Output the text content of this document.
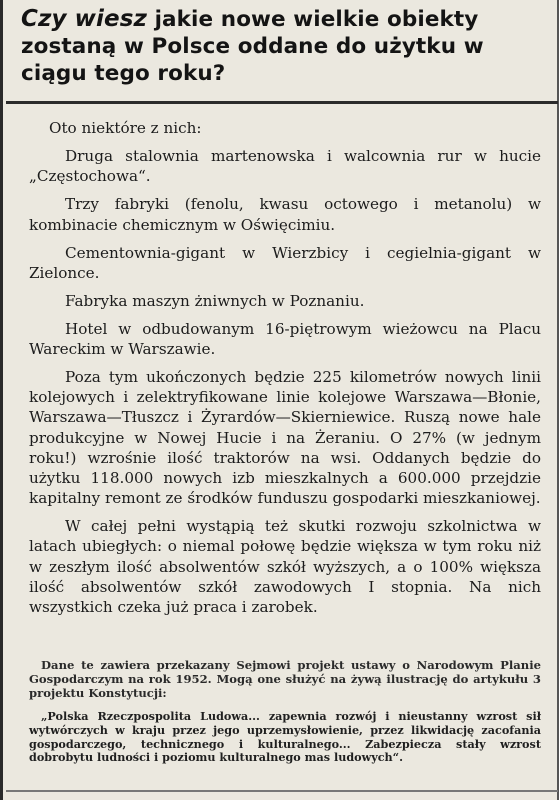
Czy wiesz jakie nowe wielkie obiekty zostaną w Polsce oddane do użytku w ciągu tego roku?

Oto niektóre z nich:

Druga stalownia martenowska i walcownia rur w hucie „Częstochowa“.

Trzy fabryki (fenolu, kwasu octowego i metanolu) w kombinacie chemicznym w Oświęcimiu.

Cementownia-gigant w Wierzbicy i cegielnia-gigant w Zielonce.

Fabryka maszyn żniwnych w Poznaniu.

Hotel w odbudowanym 16-piętrowym wieżowcu na Placu Wareckim w Warszawie.

Poza tym ukończonych będzie 225 kilometrów nowych linii kolejowych i zelektryfikowane linie kolejowe Warszawa—Błonie, Warszawa—Tłuszcz i Żyrardów—Skierniewice. Ruszą nowe hale produkcyjne w Nowej Hucie i na Żeraniu. O 27% (w jednym roku!) wzrośnie ilość traktorów na wsi. Oddanych będzie do użytku 118.000 nowych izb mieszkalnych a 600.000 przejdzie kapitalny remont ze środków funduszu gospodarki mieszkaniowej.

W całej pełni wystąpią też skutki rozwoju szkolnictwa w latach ubiegłych: o niemal połowę będzie większa w tym roku niż w zeszłym ilość absolwentów szkół wyższych, a o 100% większa ilość absolwentów szkół zawodowych I stopnia. Na nich wszystkich czeka już praca i zarobek.

Dane te zawiera przekazany Sejmowi projekt ustawy o Narodowym Planie Gospodarczym na rok 1952. Mogą one służyć na żywą ilustrację do artykułu 3 projektu Konstytucji:

„Polska Rzeczpospolita Ludowa... zapewnia rozwój i nieustanny wzrost sił wytwórczych w kraju przez jego uprzemysłowienie, przez likwidację zacofania gospodarczego, technicznego i kulturalnego... Zabezpiecza stały wzrost dobrobytu ludności i poziomu kulturalnego mas ludowych“.
